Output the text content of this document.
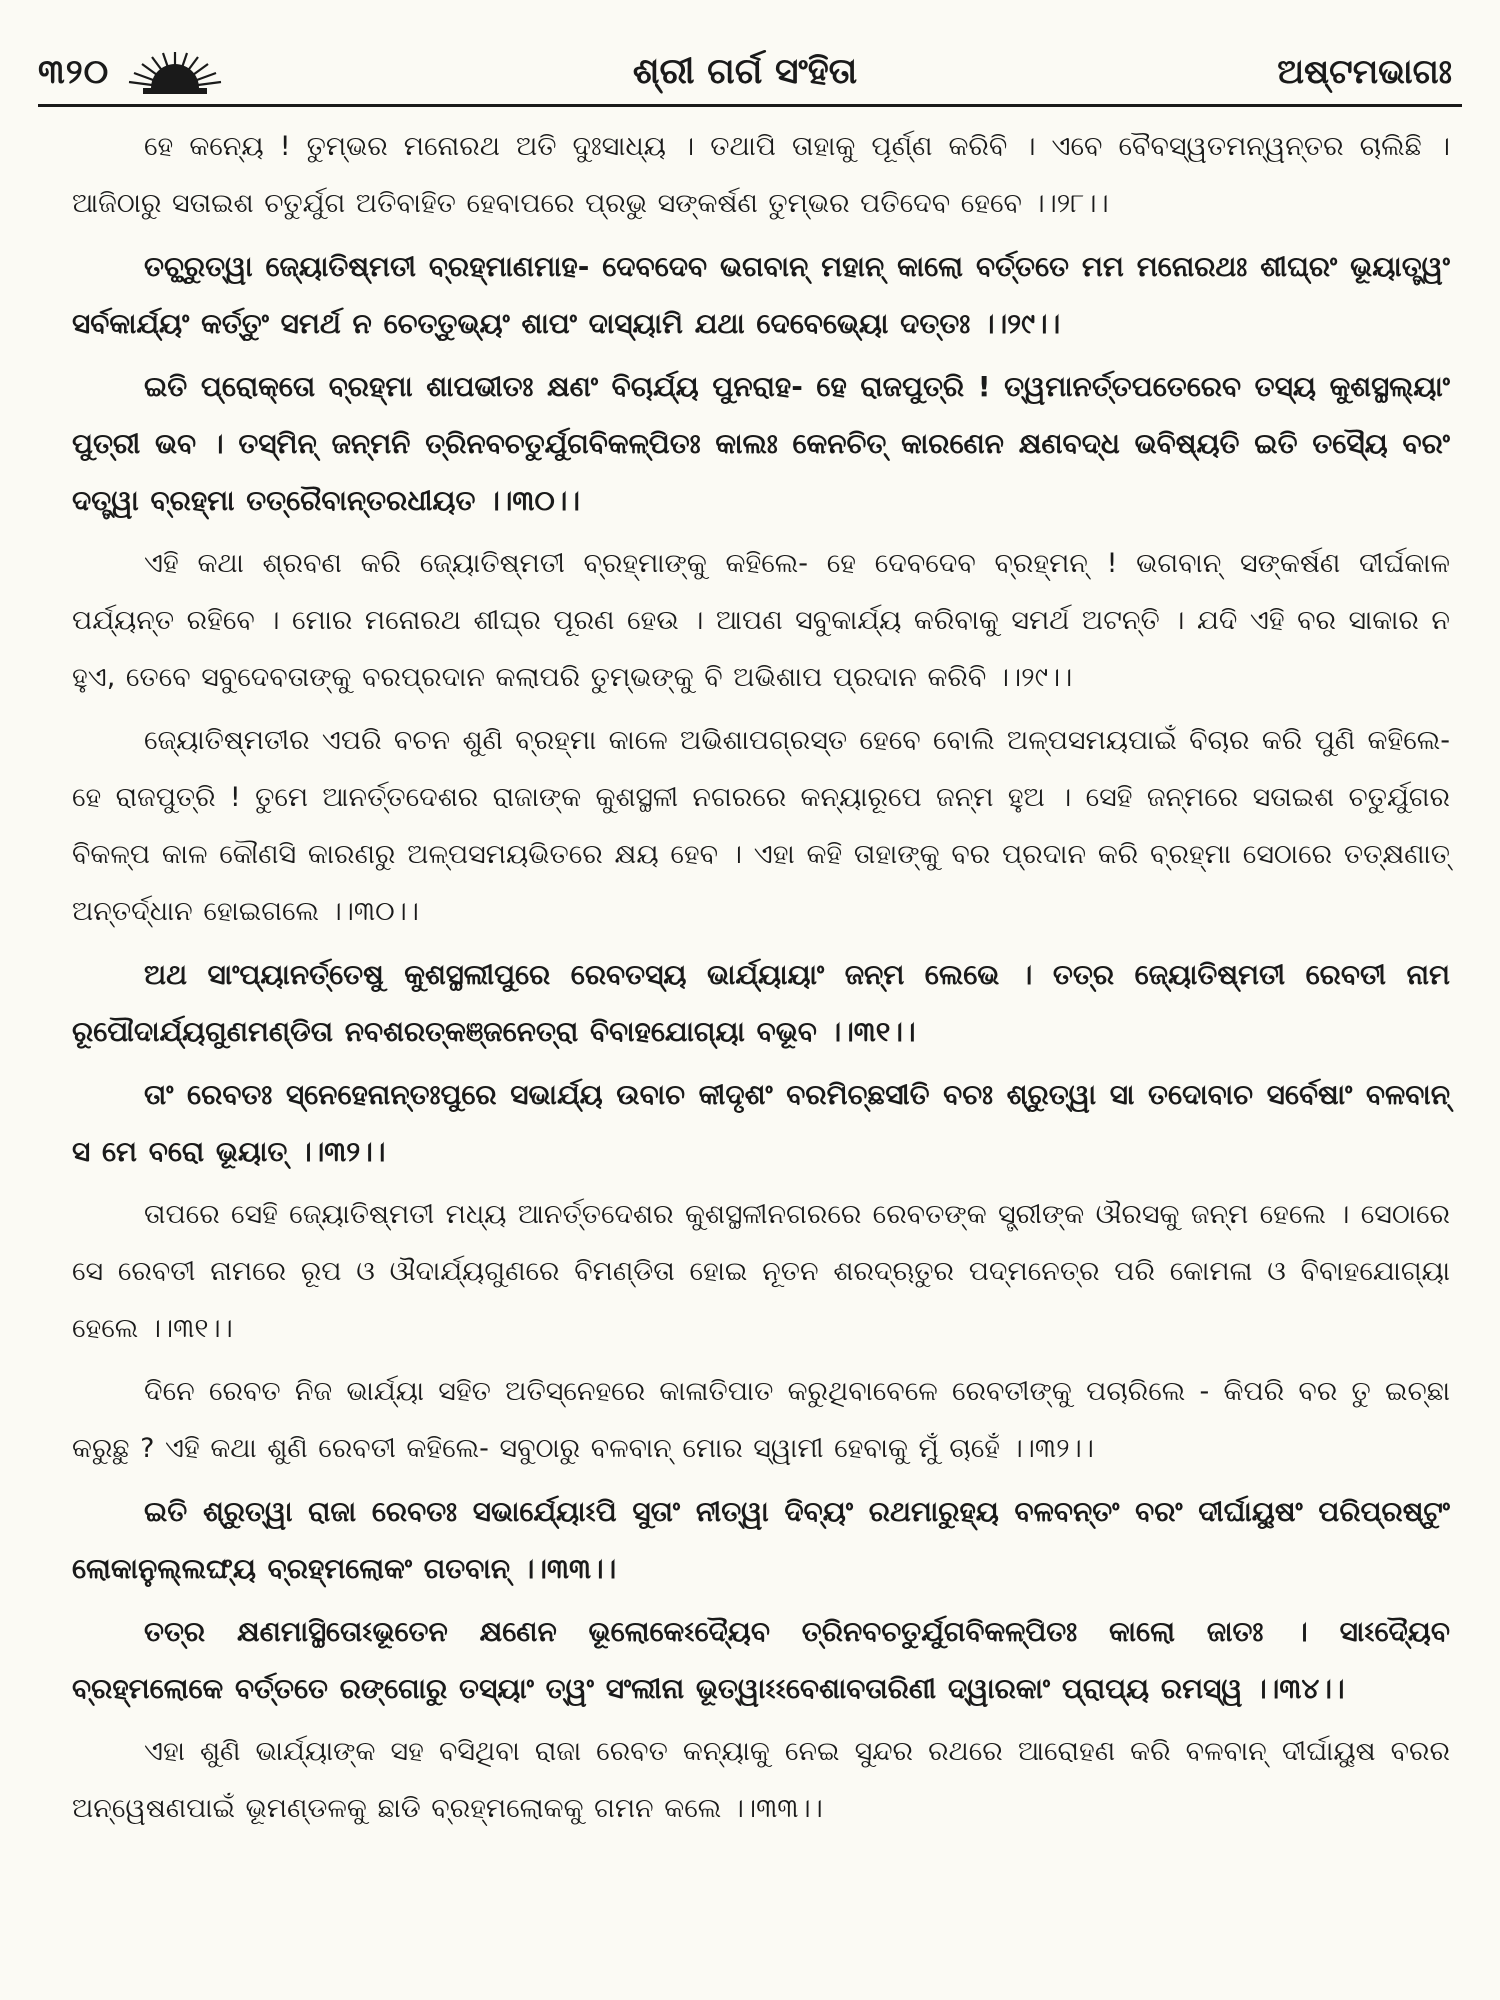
୩୨୦	ଶ୍ରୀ ଗର୍ଗ ସଂହିତା	ଅଷ୍ଟମଭାଗଃ

ହେ କନ୍ୟେ ! ତୁମ୍ଭର ମନୋରଥ ଅତି ଦୁଃସାଧ୍ୟ । ତଥାପି ତାହାକୁ ପୂର୍ଣ୍ଣ କରିବି । ଏବେ ବୈବସ୍ୱତମନ୍ୱନ୍ତର ଚାଲିଛି । ଆଜିଠାରୁ ସତାଇଶ ଚତୁର୍ଯୁଗ ଅତିବାହିତ ହେବାପରେ ପ୍ରଭୁ ସଙ୍କର୍ଷଣ ତୁମ୍ଭର ପତିଦେବ ହେବେ ।।୨୮।।

ତଚ୍ଛ୍ରୁତ୍ୱା ଜ୍ୟୋତିଷ୍ମତୀ ବ୍ରହ୍ମାଣମାହ- ଦେବଦେବ ଭଗବାନ୍ ମହାନ୍ କାଲୋ ବର୍ତ୍ତତେ ମମ ମନୋରଥଃ ଶୀଘ୍ରଂ ଭୂୟାତ୍ତ୍ୱଂ ସର୍ବକାର୍ଯ୍ୟଂ କର୍ତ୍ତୁଂ ସମର୍ଥ ନ ଚେତ୍ତୁଭ୍ୟଂ ଶାପଂ ଦାସ୍ୟାମି ଯଥା ଦେବେଭ୍ୟୋ ଦତ୍ତଃ ।।୨୯।।

ଇତି ପ୍ରୋକ୍ତୋ ବ୍ରହ୍ମା ଶାପଭୀତଃ କ୍ଷଣଂ ବିଚାର୍ଯ୍ୟ ପୁନରାହ- ହେ ରାଜପୁତ୍ରି ! ତ୍ୱମାନର୍ତ୍ତପତେରେବ ତସ୍ୟ କୁଶସ୍ଥଲ୍ୟାଂ ପୁତ୍ରୀ ଭବ । ତସ୍ମିନ୍ ଜନ୍ମନି ତ୍ରିନବଚତୁର୍ଯୁଗବିକଳ୍ପିତଃ କାଲଃ କେନଚିତ୍ କାରଣେନ କ୍ଷଣବଦ୍ଧ ଭବିଷ୍ୟତି ଇତି ତସ୍ୟୈ ବରଂ ଦତ୍ତ୍ୱା ବ୍ରହ୍ମା ତତ୍ରୈବାନ୍ତରଧୀୟତ ।।୩୦।।

ଏହି କଥା ଶ୍ରବଣ କରି ଜ୍ୟୋତିଷ୍ମତୀ ବ୍ରହ୍ମାଙ୍କୁ କହିଲେ- ହେ ଦେବଦେବ ବ୍ରହ୍ମନ୍ ! ଭଗବାନ୍ ସଙ୍କର୍ଷଣ ଦୀର୍ଘକାଳ ପର୍ଯ୍ୟନ୍ତ ରହିବେ । ମୋର ମନୋରଥ ଶୀଘ୍ର ପୂରଣ ହେଉ । ଆପଣ ସବୁକାର୍ଯ୍ୟ କରିବାକୁ ସମର୍ଥ ଅଟନ୍ତି । ଯଦି ଏହି ବର ସାକାର ନ ହୁଏ, ତେବେ ସବୁଦେବତାଙ୍କୁ ବରପ୍ରଦାନ କଲାପରି ତୁମ୍ଭଙ୍କୁ ବି ଅଭିଶାପ ପ୍ରଦାନ କରିବି ।।୨୯।।

ଜ୍ୟୋତିଷ୍ମତୀର ଏପରି ବଚନ ଶୁଣି ବ୍ରହ୍ମା କାଳେ ଅଭିଶାପଗ୍ରସ୍ତ ହେବେ ବୋଲି ଅଳ୍ପସମୟପାଇଁ ବିଚାର କରି ପୁଣି କହିଲେ- ହେ ରାଜପୁତ୍ରି ! ତୁମେ ଆନର୍ତ୍ତଦେଶର ରାଜାଙ୍କ କୁଶସ୍ଥଳୀ ନଗରରେ କନ୍ୟାରୂପେ ଜନ୍ମ ହୁଅ । ସେହି ଜନ୍ମରେ ସତାଇଶ ଚତୁର୍ଯୁଗର ବିକଳ୍ପ କାଳ କୌଣସି କାରଣରୁ ଅଳ୍ପସମୟଭିତରେ କ୍ଷୟ ହେବ । ଏହା କହି ତାହାଙ୍କୁ ବର ପ୍ରଦାନ କରି ବ୍ରହ୍ମା ସେଠାରେ ତତ୍କ୍ଷଣାତ୍ ଅନ୍ତର୍ଦ୍ଧାନ ହୋଇଗଲେ ।।୩୦।।

ଅଥ ସାଂପ୍ୟାନର୍ତ୍ତେଷୁ କୁଶସ୍ଥଲୀପୁରେ ରେବତସ୍ୟ ଭାର୍ଯ୍ୟାୟାଂ ଜନ୍ମ ଲେଭେ । ତତ୍ର ଜ୍ୟୋତିଷ୍ମତୀ ରେବତୀ ନାମ ରୂପୌଦାର୍ଯ୍ୟଗୁଣମଣ୍ଡିତା ନବଶରତ୍କଞ୍ଜନେତ୍ରା ବିବାହଯୋଗ୍ୟା ବଭୂବ ।।୩୧।।

ତାଂ ରେବତଃ ସ୍ନେହେନାନ୍ତଃପୁରେ ସଭାର୍ଯ୍ୟ ଉବାଚ କୀଦୃଶଂ ବରମିଚ୍ଛସୀତି ବଚଃ ଶ୍ରୁତ୍ୱା ସା ତଦୋବାଚ ସର୍ବେଷାଂ ବଳବାନ୍ ସ ମେ ବରୋ ଭୂୟାତ୍ ।।୩୨।।

ତାପରେ ସେହି ଜ୍ୟୋତିଷ୍ମତୀ ମଧ୍ୟ ଆନର୍ତ୍ତଦେଶର କୁଶସ୍ଥଳୀନଗରରେ ରେବତଙ୍କ ସ୍ତ୍ରୀଙ୍କ ଔରସକୁ ଜନ୍ମ ହେଲେ । ସେଠାରେ ସେ ରେବତୀ ନାମରେ ରୂପ ଓ ଔଦାର୍ଯ୍ୟଗୁଣରେ ବିମଣ୍ଡିତା ହୋଇ ନୂତନ ଶରଦ୍‌ଋତୁର ପଦ୍ମନେତ୍ର ପରି କୋମଳା ଓ ବିବାହଯୋଗ୍ୟା ହେଲେ ।।୩୧।।

ଦିନେ ରେବତ ନିଜ ଭାର୍ଯ୍ୟା ସହିତ ଅତିସ୍ନେହରେ କାଳାତିପାତ କରୁଥିବାବେଳେ ରେବତୀଙ୍କୁ ପଚାରିଲେ - କିପରି ବର ତୁ ଇଚ୍ଛା କରୁଛୁ ? ଏହି କଥା ଶୁଣି ରେବତୀ କହିଲେ- ସବୁଠାରୁ ବଳବାନ୍ ମୋର ସ୍ୱାମୀ ହେବାକୁ ମୁଁ ଚାହେଁ ।।୩୨।।

ଇତି ଶ୍ରୁତ୍ୱା ରାଜା ରେବତଃ ସଭାର୍ଯ୍ୟୋଽପି ସୁତାଂ ନୀତ୍ୱା ଦିବ୍ୟଂ ରଥମାରୁହ୍ୟ ବଳବନ୍ତଂ ବରଂ ଦୀର୍ଘାୟୁଷଂ ପରିପ୍ରଷ୍ଟୁଂ ଲୋକାନୁଲ୍ଲଙ୍ଘ୍ୟ ବ୍ରହ୍ମଲୋକଂ ଗତବାନ୍ ।।୩୩।।

ତତ୍ର କ୍ଷଣମାସ୍ଥିତୋଽଭୂତେନ କ୍ଷଣେନ ଭୂଲୋକେଽଦ୍ୟୈବ ତ୍ରିନବଚତୁର୍ଯୁଗବିକଳ୍ପିତଃ କାଲୋ ଜାତଃ । ସାଽଦ୍ୟୈବ ବ୍ରହ୍ମଲୋକେ ବର୍ତ୍ତତେ ରଙ୍ଗୋରୁ ତସ୍ୟାଂ ତ୍ୱଂ ସଂଲୀନା ଭୂତ୍ୱାଽଽବେଶାବତାରିଣୀ ଦ୍ୱାରକାଂ ପ୍ରାପ୍ୟ ରମସ୍ୱ ।।୩୪।।

ଏହା ଶୁଣି ଭାର୍ଯ୍ୟାଙ୍କ ସହ ବସିଥିବା ରାଜା ରେବତ କନ୍ୟାକୁ ନେଇ ସୁନ୍ଦର ରଥରେ ଆରୋହଣ କରି ବଳବାନ୍ ଦୀର୍ଘାୟୁଷ ବରର ଅନ୍ୱେଷଣପାଇଁ ଭୂମଣ୍ଡଳକୁ ଛାଡି ବ୍ରହ୍ମଲୋକକୁ ଗମନ କଲେ ।।୩୩।।
